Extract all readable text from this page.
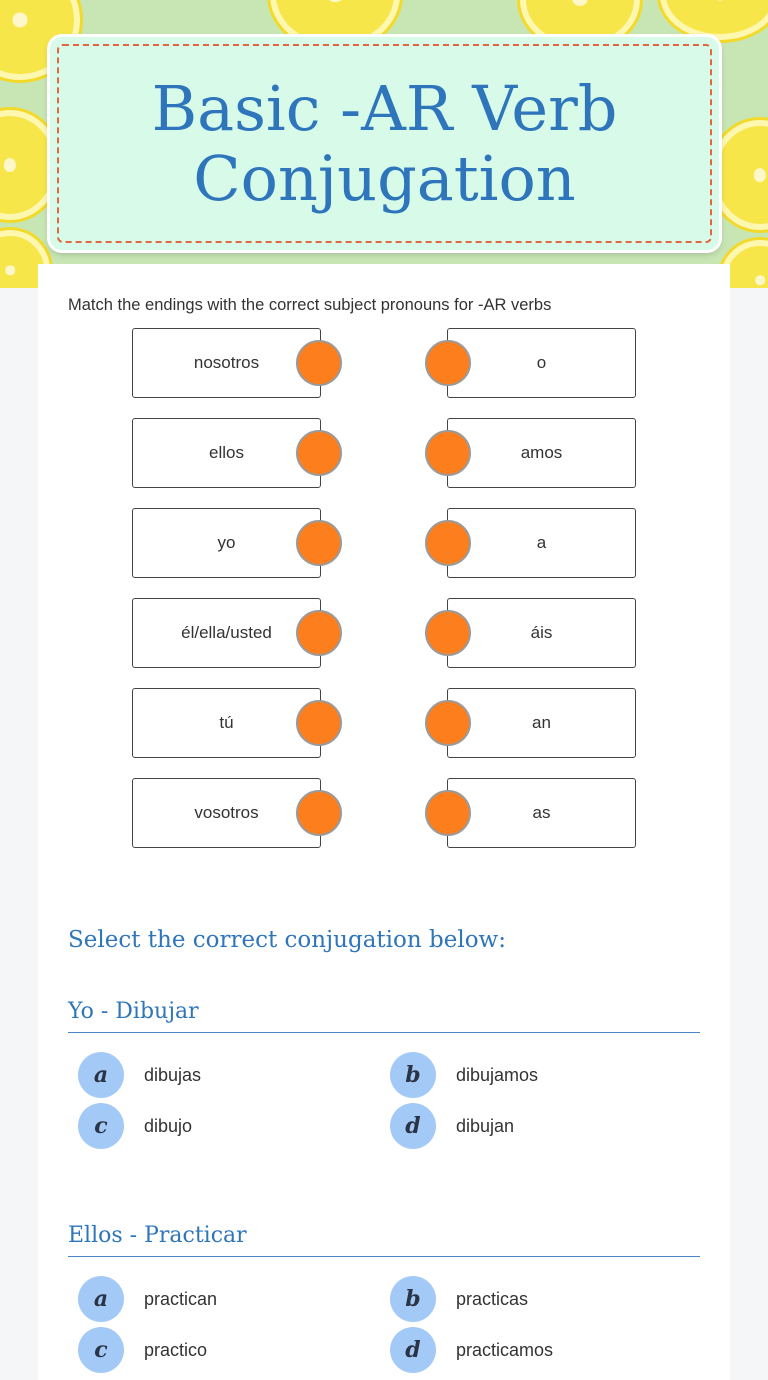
Basic -AR Verb Conjugation
Match the endings with the correct subject pronouns for -AR verbs
nosotros
ellos
yo
él/ella/usted
tú
vosotros
o
amos
a
áis
an
as
Select the correct conjugation below:
Yo - Dibujar
a	dibujas	b	dibujamos
c	dibujo	d	dibujan
Ellos - Practicar
a	practican	b	practicas
c	practico	d	practicamos
